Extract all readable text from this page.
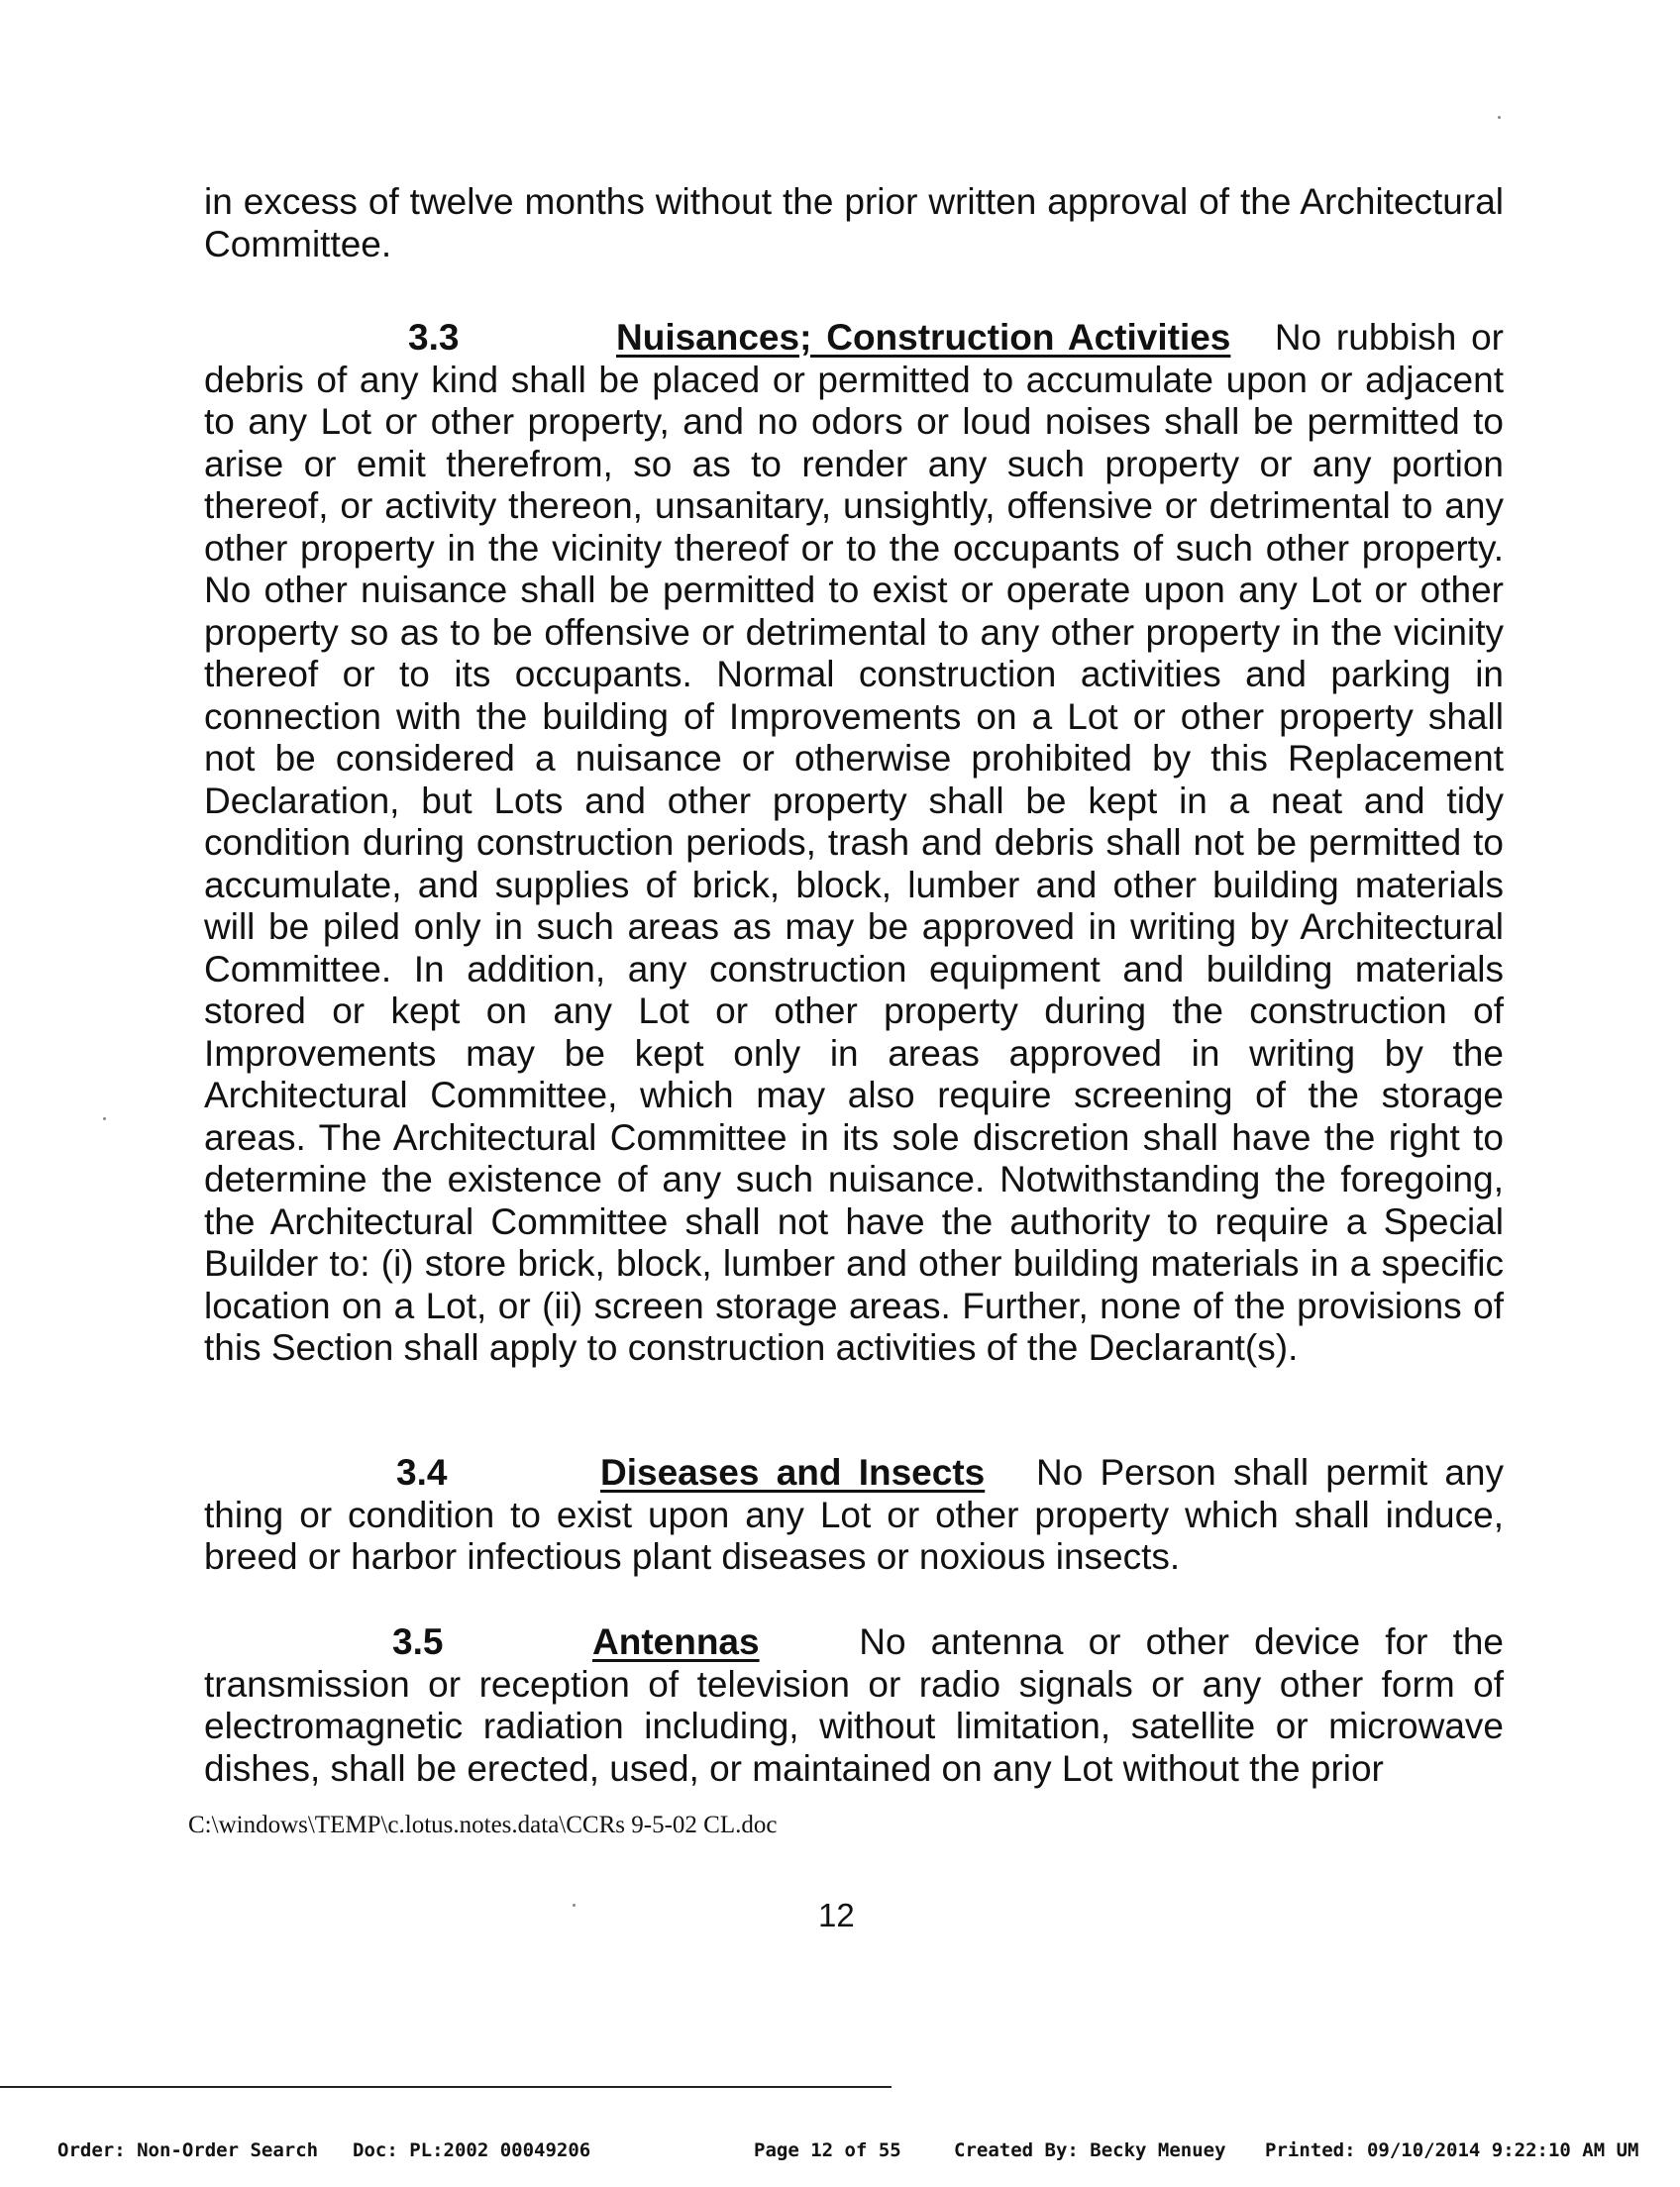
in excess of twelve months without the prior written approval of the Architectural Committee.

3.3	Nuisances; Construction Activities No rubbish or debris of any kind shall be placed or permitted to accumulate upon or adjacent to any Lot or other property, and no odors or loud noises shall be permitted to arise or emit therefrom, so as to render any such property or any portion thereof, or activity thereon, unsanitary, unsightly, offensive or detrimental to any other property in the vicinity thereof or to the occupants of such other property. No other nuisance shall be permitted to exist or operate upon any Lot or other property so as to be offensive or detrimental to any other property in the vicinity thereof or to its occupants. Normal construction activities and parking in connection with the building of Improvements on a Lot or other property shall not be considered a nuisance or otherwise prohibited by this Replacement Declaration, but Lots and other property shall be kept in a neat and tidy condition during construction periods, trash and debris shall not be permitted to accumulate, and supplies of brick, block, lumber and other building materials will be piled only in such areas as may be approved in writing by Architectural Committee. In addition, any construction equipment and building materials stored or kept on any Lot or other property during the construction of Improvements may be kept only in areas approved in writing by the Architectural Committee, which may also require screening of the storage areas. The Architectural Committee in its sole discretion shall have the right to determine the existence of any such nuisance. Notwithstanding the foregoing, the Architectural Committee shall not have the authority to require a Special Builder to: (i) store brick, block, lumber and other building materials in a specific location on a Lot, or (ii) screen storage areas. Further, none of the provisions of this Section shall apply to construction activities of the Declarant(s).

3.4	Diseases and Insects No Person shall permit any thing or condition to exist upon any Lot or other property which shall induce, breed or harbor infectious plant diseases or noxious insects.

3.5	Antennas	No antenna or other device for the transmission or reception of television or radio signals or any other form of electromagnetic radiation including, without limitation, satellite or microwave dishes, shall be erected, used, or maintained on any Lot without the prior

C:\windows\TEMP\c.lotus.notes.data\CCRs 9-5-02 CL.doc
12
Order: Non-Order Search Doc: PL:2002 00049206	Page 12 of 55	Created By: Becky Menuey Printed: 09/10/2014 9:22:10 AM UM
